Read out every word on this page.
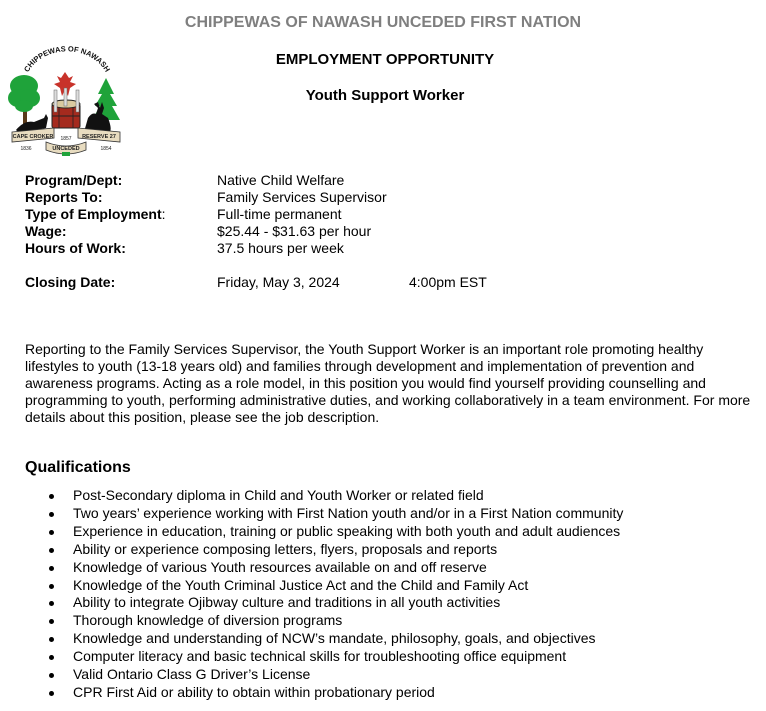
CHIPPEWAS OF NAWASH
CAPE CROKER	RESERVE 27
UNCEDED
1836
1857
1854
CHIPPEWAS OF NAWASH UNCEDED FIRST NATION
EMPLOYMENT OPPORTUNITY
Youth Support Worker
Program/Dept:	Native Child Welfare
Reports To:	Family Services Supervisor
Type of Employment:	Full-time permanent
Wage:	$25.44 - $31.63 per hour
Hours of Work:	37.5 hours per week
Closing Date:	Friday, May 3, 2024	4:00pm EST
Reporting to the Family Services Supervisor, the Youth Support Worker is an important role promoting healthy lifestyles to youth (13-18 years old) and families through development and implementation of prevention and awareness programs. Acting as a role model, in this position you would find yourself providing counselling and programming to youth, performing administrative duties, and working collaboratively in a team environment. For more details about this position, please see the job description.
Qualifications
Post-Secondary diploma in Child and Youth Worker or related field
Two years’ experience working with First Nation youth and/or in a First Nation community
Experience in education, training or public speaking with both youth and adult audiences
Ability or experience composing letters, flyers, proposals and reports
Knowledge of various Youth resources available on and off reserve
Knowledge of the Youth Criminal Justice Act and the Child and Family Act
Ability to integrate Ojibway culture and traditions in all youth activities
Thorough knowledge of diversion programs
Knowledge and understanding of NCW’s mandate, philosophy, goals, and objectives
Computer literacy and basic technical skills for troubleshooting office equipment
Valid Ontario Class G Driver’s License
CPR First Aid or ability to obtain within probationary period
